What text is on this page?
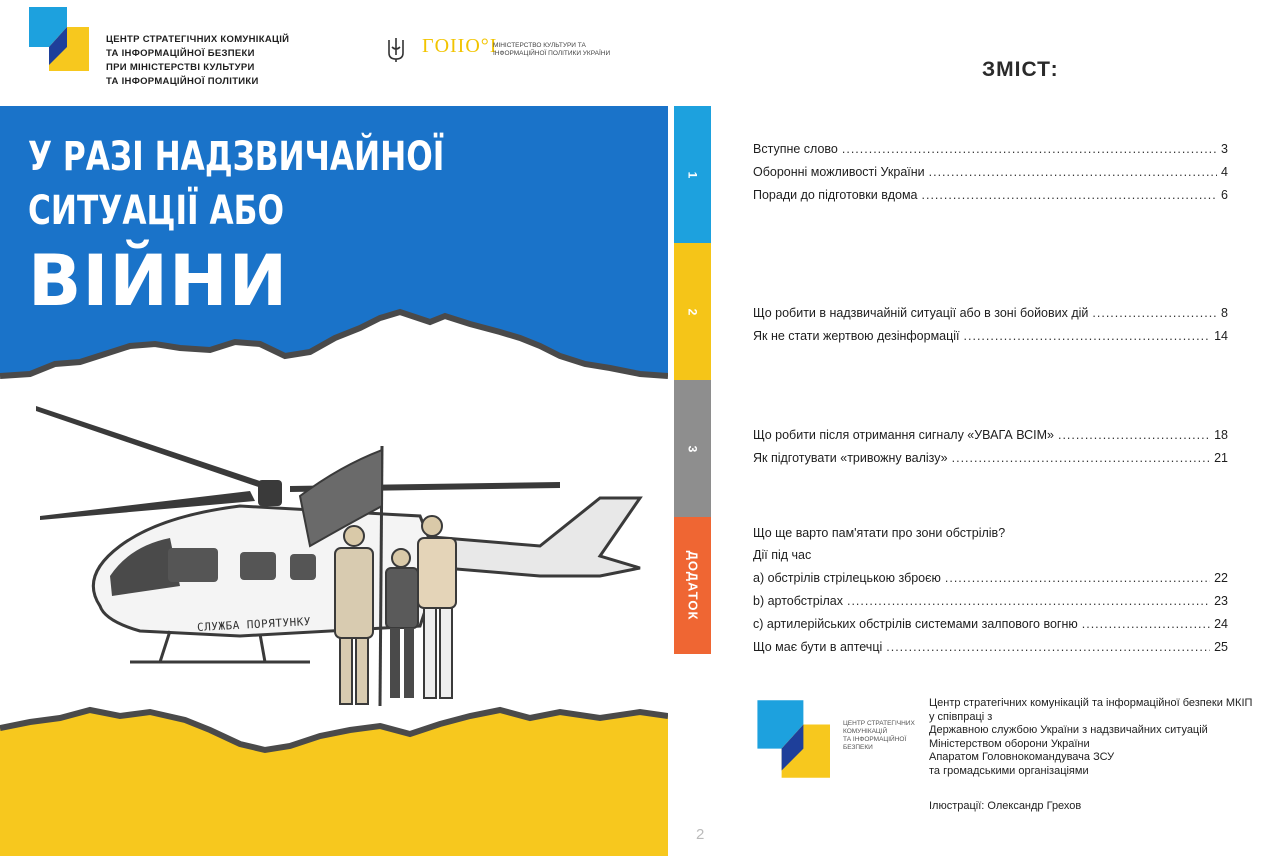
ЦЕНТР СТРАТЕГІЧНИХ КОМУНІКАЦІЙ
ТА ІНФОРМАЦІЙНОЇ БЕЗПЕКИ
ПРИ МІНІСТЕРСТВІ КУЛЬТУРИ
ТА ІНФОРМАЦІЙНОЇ ПОЛІТИКИ
ΓΟΙΙΟ°Ι
МІНІСТЕРСТВО КУЛЬТУРИ ТА
ІНФОРМАЦІЙНОЇ ПОЛІТИКИ УКРАЇНИ
У РАЗІ НАДЗВИЧАЙНОЇ
СИТУАЦІЇ АБО
ВІЙНИ
СЛУЖБА ПОРЯТУНКУ
1
2
3
ДОДАТОК
2
ЗМІСТ:
Вступне слово .....	3
Оборонні можливості України .....	4
Поради до підготовки вдома .....	6
Що робити в надзвичайній ситуації або в зоні бойових дій .....	8
Як не стати жертвою дезінформації .....	14
Що робити після отримання сигналу «УВАГА ВСІМ» .....	18
Як підготувати «тривожну валізу» .....	21
Що ще варто пам'ятати про зони обстрілів?
Дії під час
а) обстрілів стрілецькою зброєю .....	22
b) артобстрілах .....	23
c) артилерійських обстрілів системами залпового вогню .....	24
Що має бути в аптечці .....	25
ЦЕНТР СТРАТЕГІЧНИХ
КОМУНІКАЦІЙ
ТА ІНФОРМАЦІЙНОЇ
БЕЗПЕКИ
Центр стратегічних комунікацій та інформаційної безпеки МКІП
у співпраці з
Державною службою України з надзвичайних ситуацій
Міністерством оборони України
Апаратом Головнокомандувача ЗСУ
та громадськими організаціями
Ілюстрації: Олександр Грехов
